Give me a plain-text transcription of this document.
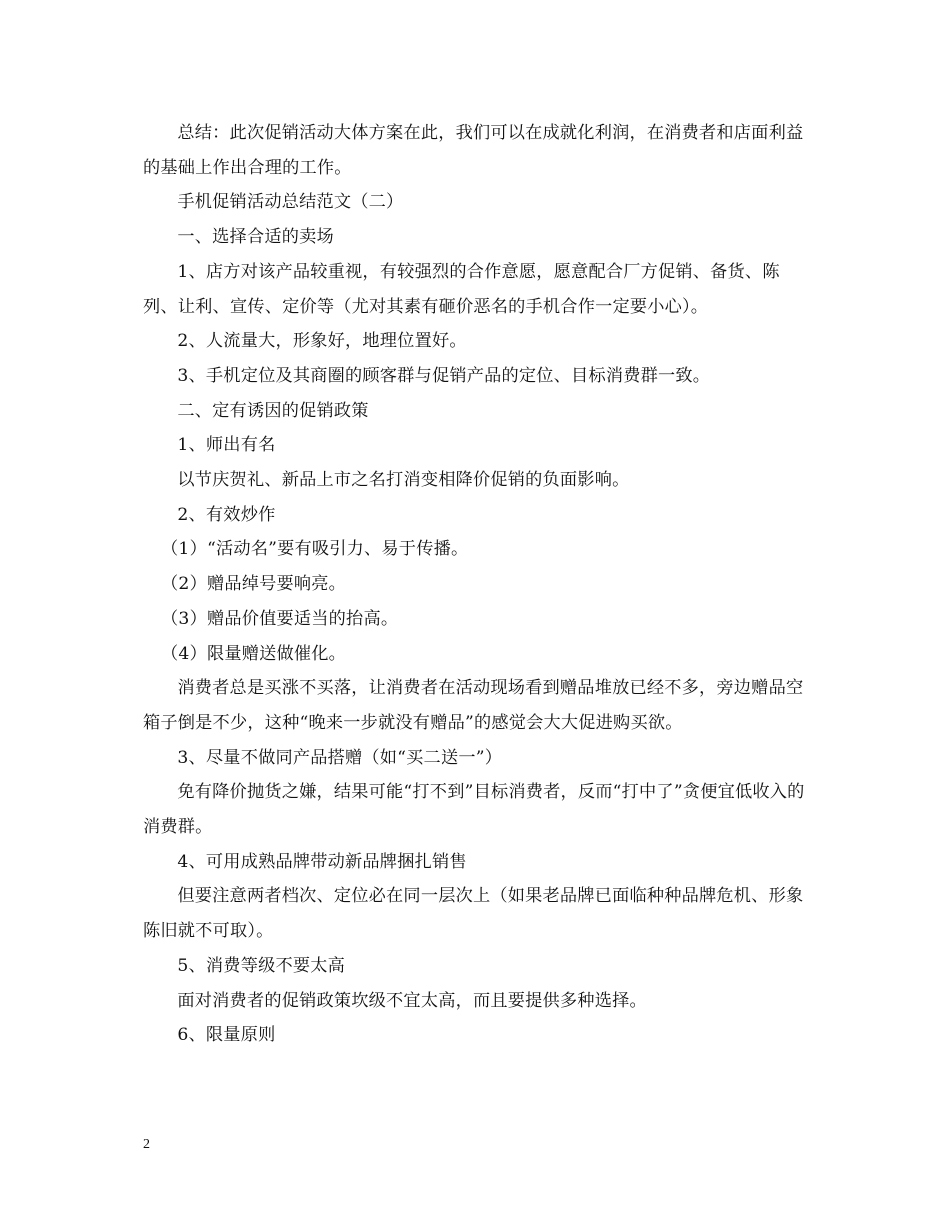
总结：此次促销活动大体方案在此，我们可以在成就化利润，在消费者和店面利益的基础上作出合理的工作。

手机促销活动总结范文（二）

一、选择合适的卖场

1、店方对该产品较重视，有较强烈的合作意愿，愿意配合厂方促销、备货、陈列、让利、宣传、定价等（尤对其素有砸价恶名的手机合作一定要小心）。

2、人流量大，形象好，地理位置好。

3、手机定位及其商圈的顾客群与促销产品的定位、目标消费群一致。

二、定有诱因的促销政策

1、师出有名

以节庆贺礼、新品上市之名打消变相降价促销的负面影响。

2、有效炒作

（1）“活动名”要有吸引力、易于传播。

（2）赠品绰号要响亮。

（3）赠品价值要适当的抬高。

（4）限量赠送做催化。

消费者总是买涨不买落，让消费者在活动现场看到赠品堆放已经不多，旁边赠品空箱子倒是不少，这种“晚来一步就没有赠品”的感觉会大大促进购买欲。

3、尽量不做同产品搭赠（如“买二送一”）

免有降价抛货之嫌，结果可能“打不到”目标消费者，反而“打中了”贪便宜低收入的消费群。

4、可用成熟品牌带动新品牌捆扎销售

但要注意两者档次、定位必在同一层次上（如果老品牌已面临种种品牌危机、形象陈旧就不可取）。

5、消费等级不要太高

面对消费者的促销政策坎级不宜太高，而且要提供多种选择。

6、限量原则

2
